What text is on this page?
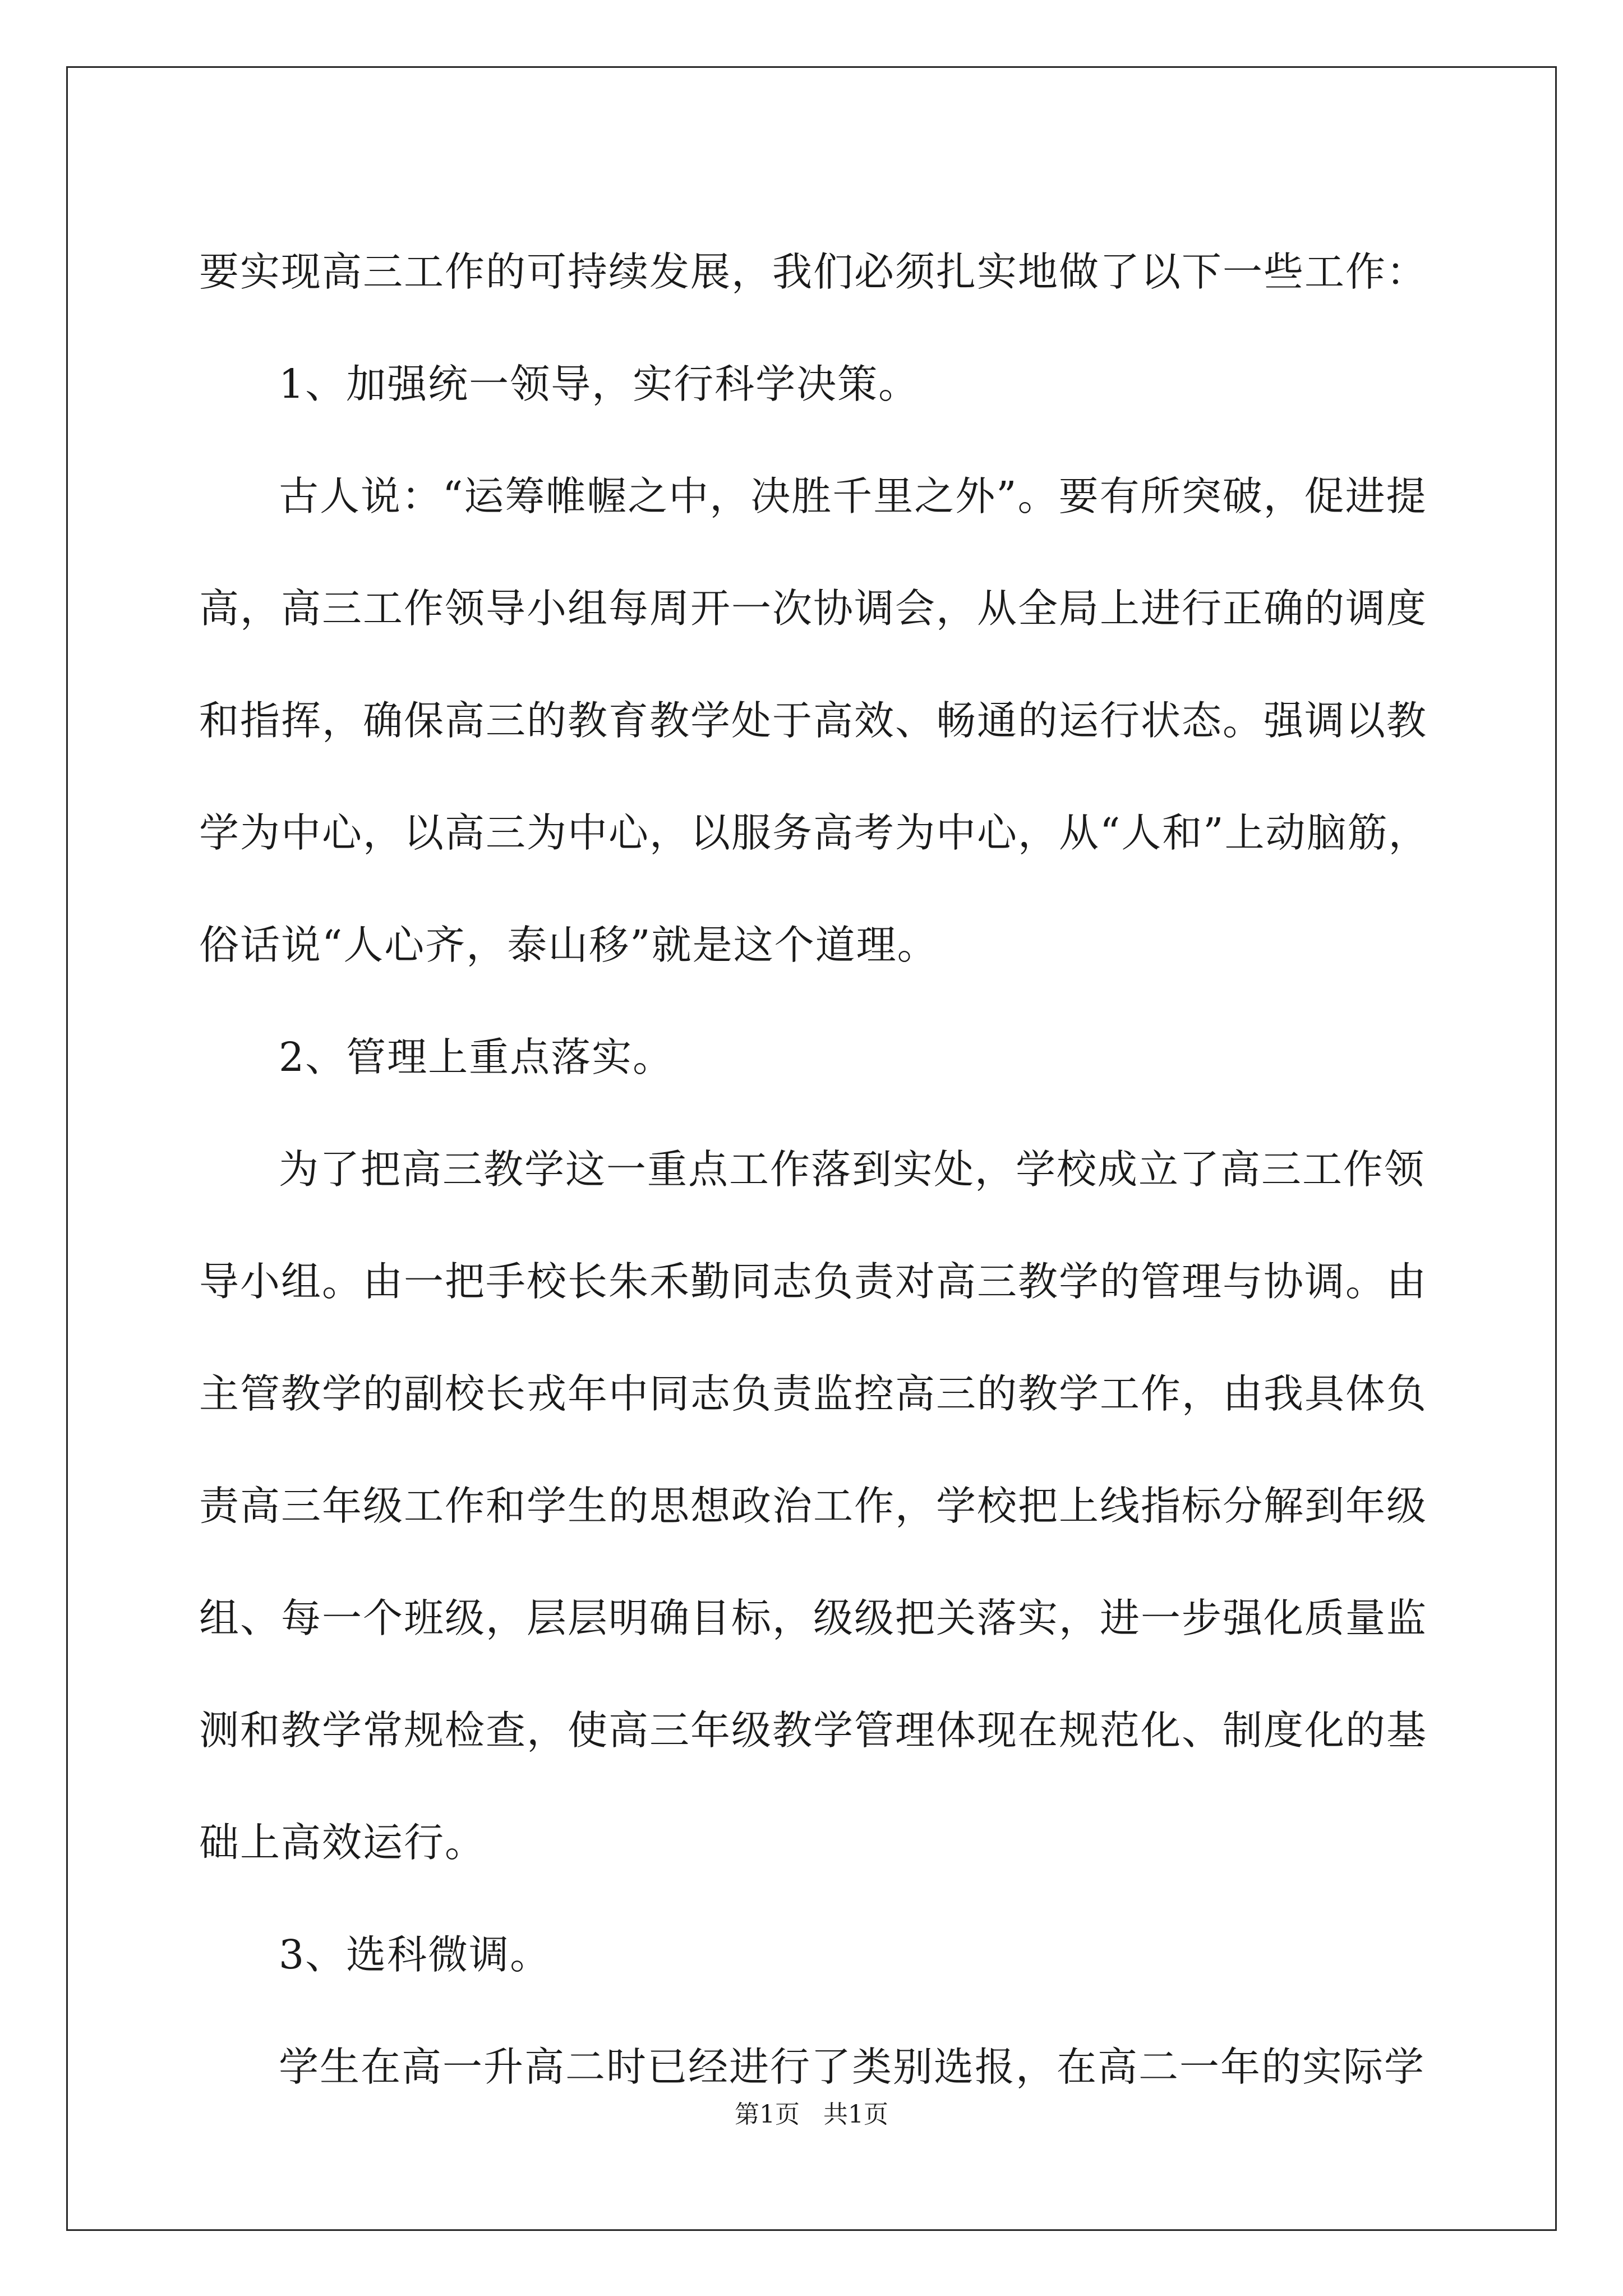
要实现高三工作的可持续发展，我们必须扎实地做了以下一些工作：
1、加强统一领导，实行科学决策。
古人说：“运筹帷幄之中，决胜千里之外”。要有所突破，促进提
高，高三工作领导小组每周开一次协调会，从全局上进行正确的调度
和指挥，确保高三的教育教学处于高效、畅通的运行状态。强调以教
学为中心，以高三为中心，以服务高考为中心，从“人和”上动脑筋，
俗话说“人心齐，泰山移”就是这个道理。
2、管理上重点落实。
为了把高三教学这一重点工作落到实处，学校成立了高三工作领
导小组。由一把手校长朱禾勤同志负责对高三教学的管理与协调。由
主管教学的副校长戎年中同志负责监控高三的教学工作，由我具体负
责高三年级工作和学生的思想政治工作，学校把上线指标分解到年级
组、每一个班级，层层明确目标，级级把关落实，进一步强化质量监
测和教学常规检查，使高三年级教学管理体现在规范化、制度化的基
础上高效运行。
3、选科微调。
学生在高一升高二时已经进行了类别选报，在高二一年的实际学
第1页   共1页
